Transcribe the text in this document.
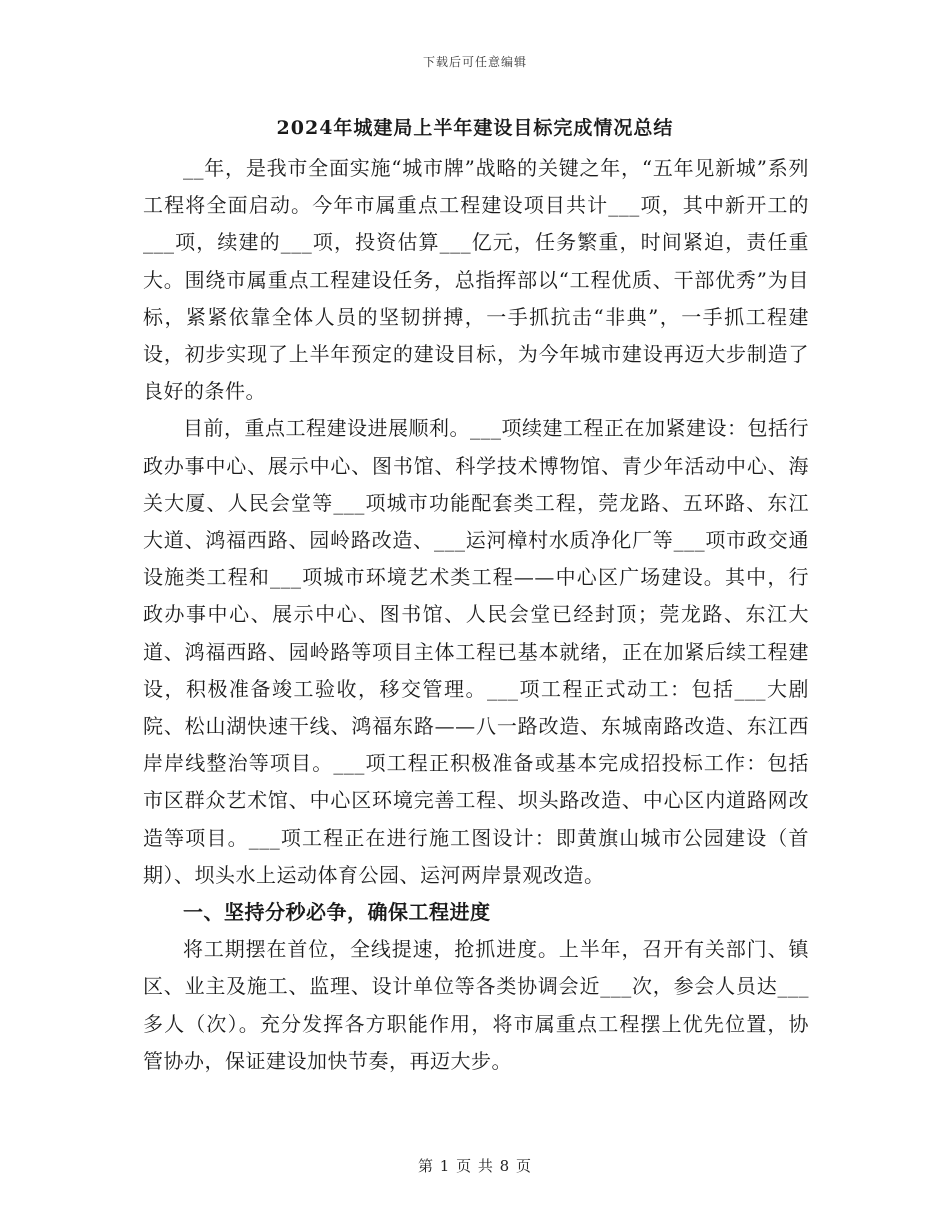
下载后可任意编辑
2024年城建局上半年建设目标完成情况总结

__年，是我市全面实施“城市牌”战略的关键之年，“五年见新城”系列工程将全面启动。今年市属重点工程建设项目共计___项，其中新开工的___项，续建的___项，投资估算___亿元，任务繁重，时间紧迫，责任重大。围绕市属重点工程建设任务，总指挥部以“工程优质、干部优秀”为目标，紧紧依靠全体人员的坚韧拼搏，一手抓抗击“非典”，一手抓工程建设，初步实现了上半年预定的建设目标，为今年城市建设再迈大步制造了良好的条件。

目前，重点工程建设进展顺利。___项续建工程正在加紧建设：包括行政办事中心、展示中心、图书馆、科学技术博物馆、青少年活动中心、海关大厦、人民会堂等___项城市功能配套类工程，莞龙路、五环路、东江大道、鸿福西路、园岭路改造、___运河樟村水质净化厂等___项市政交通设施类工程和___项城市环境艺术类工程——中心区广场建设。其中，行政办事中心、展示中心、图书馆、人民会堂已经封顶；莞龙路、东江大道、鸿福西路、园岭路等项目主体工程已基本就绪，正在加紧后续工程建设，积极准备竣工验收，移交管理。___项工程正式动工：包括___大剧院、松山湖快速干线、鸿福东路——八一路改造、东城南路改造、东江西岸岸线整治等项目。___项工程正积极准备或基本完成招投标工作：包括市区群众艺术馆、中心区环境完善工程、坝头路改造、中心区内道路网改造等项目。___项工程正在进行施工图设计：即黄旗山城市公园建设（首期）、坝头水上运动体育公园、运河两岸景观改造。

一、坚持分秒必争，确保工程进度

将工期摆在首位，全线提速，抢抓进度。上半年，召开有关部门、镇区、业主及施工、监理、设计单位等各类协调会近___次，参会人员达___多人（次）。充分发挥各方职能作用，将市属重点工程摆上优先位置，协管协办，保证建设加快节奏，再迈大步。

第 1 页 共 8 页
